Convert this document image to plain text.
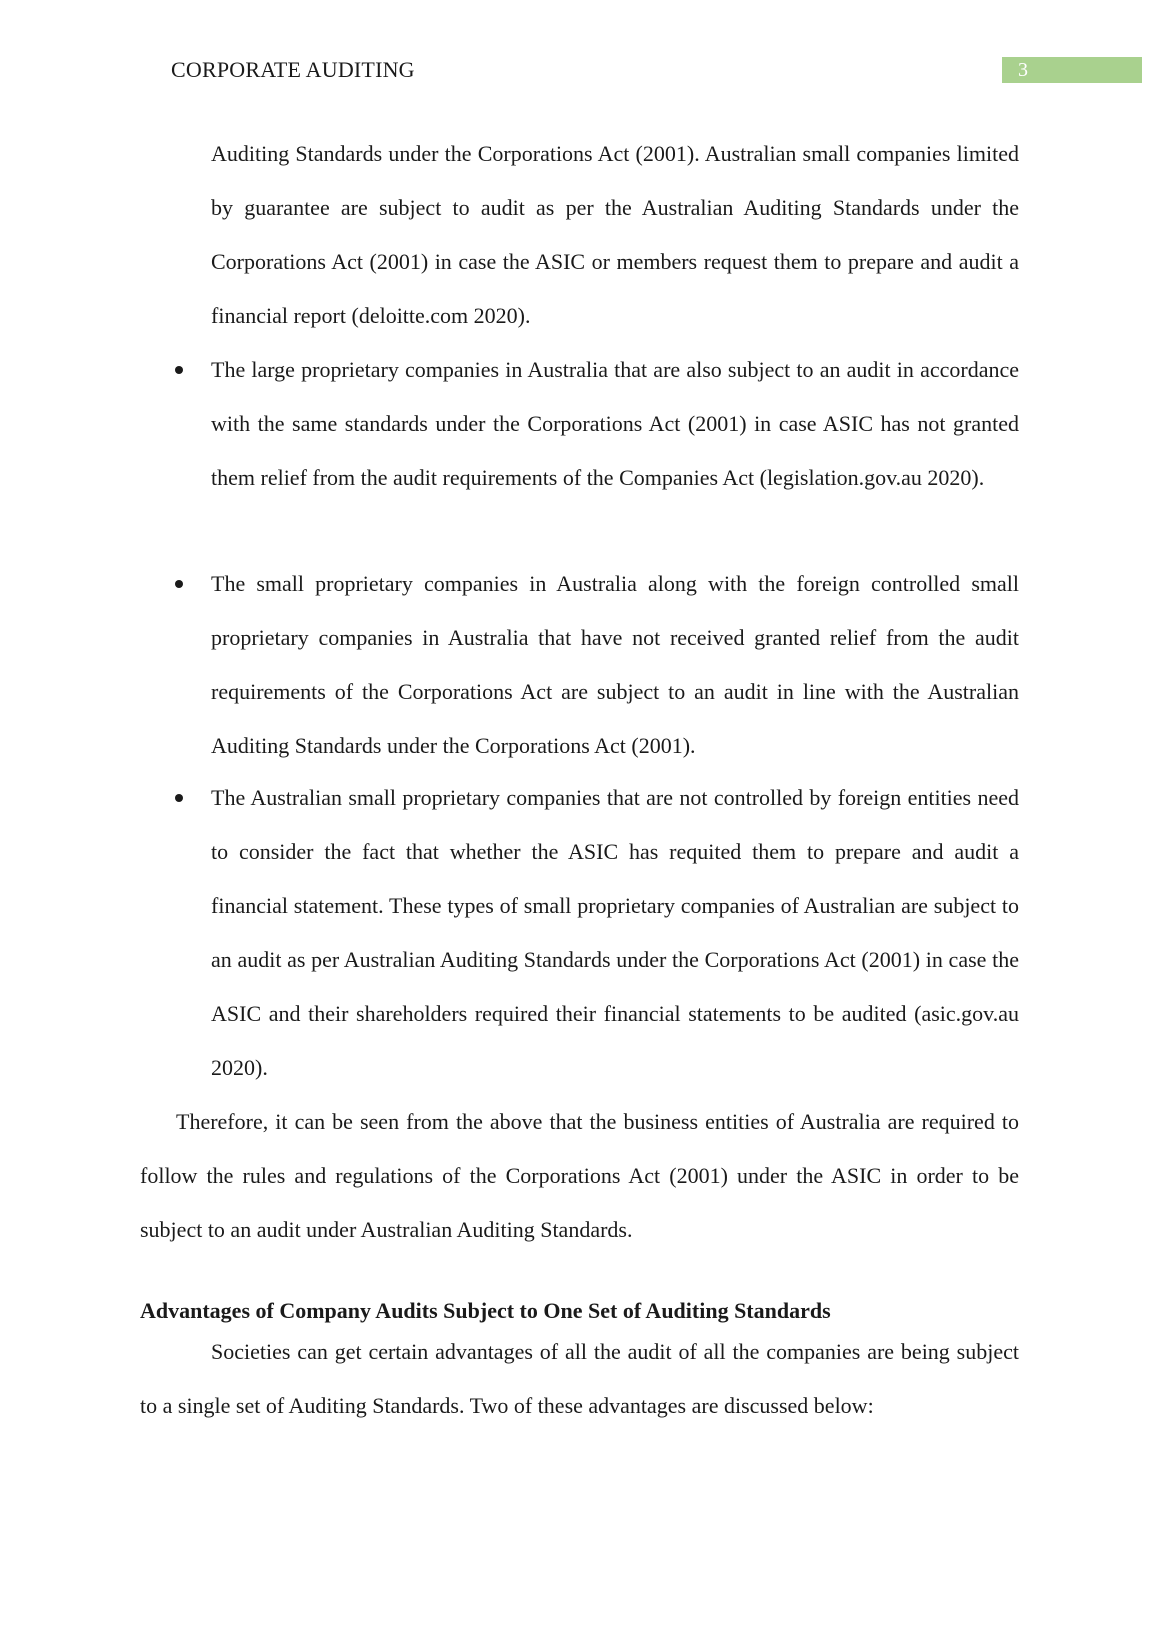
CORPORATE AUDITING	3

Auditing Standards under the Corporations Act (2001). Australian small companies limited by guarantee are subject to audit as per the Australian Auditing Standards under the Corporations Act (2001) in case the ASIC or members request them to prepare and audit a financial report (deloitte.com 2020).

The large proprietary companies in Australia that are also subject to an audit in accordance with the same standards under the Corporations Act (2001) in case ASIC has not granted them relief from the audit requirements of the Companies Act (legislation.gov.au 2020).

The small proprietary companies in Australia along with the foreign controlled small proprietary companies in Australia that have not received granted relief from the audit requirements of the Corporations Act are subject to an audit in line with the Australian Auditing Standards under the Corporations Act (2001).

The Australian small proprietary companies that are not controlled by foreign entities need to consider the fact that whether the ASIC has requited them to prepare and audit a financial statement. These types of small proprietary companies of Australian are subject to an audit as per Australian Auditing Standards under the Corporations Act (2001) in case the ASIC and their shareholders required their financial statements to be audited (asic.gov.au 2020).

Therefore, it can be seen from the above that the business entities of Australia are required to follow the rules and regulations of the Corporations Act (2001) under the ASIC in order to be subject to an audit under Australian Auditing Standards.

Advantages of Company Audits Subject to One Set of Auditing Standards

Societies can get certain advantages of all the audit of all the companies are being subject to a single set of Auditing Standards. Two of these advantages are discussed below:
